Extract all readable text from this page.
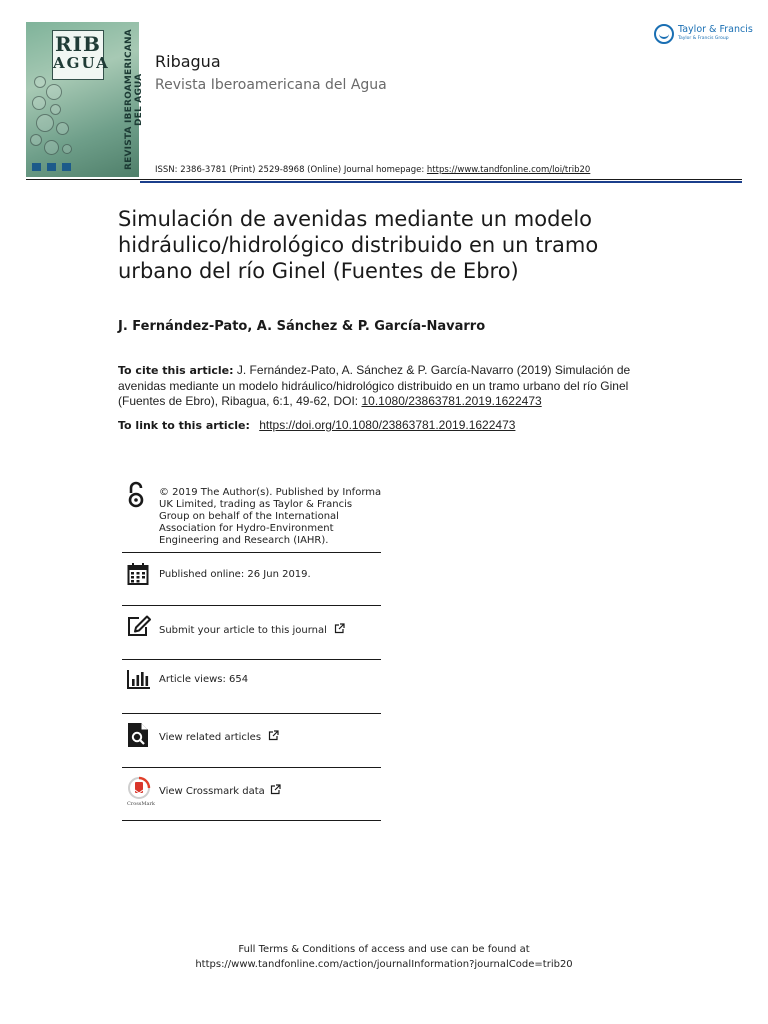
RIB
AGUA REVISTA IBEROAMERICANA DEL AGUA
Ribagua
Revista Iberoamericana del Agua
ISSN: 2386-3781 (Print) 2529-8968 (Online) Journal homepage: https://www.tandfonline.com/loi/trib20
Taylor & Francis
Taylor & Francis Group
Simulación de avenidas mediante un modelo hidráulico/hidrológico distribuido en un tramo urbano del río Ginel (Fuentes de Ebro)
J. Fernández-Pato, A. Sánchez & P. García-Navarro
To cite this article: J. Fernández-Pato, A. Sánchez & P. García-Navarro (2019) Simulación de avenidas mediante un modelo hidráulico/hidrológico distribuido en un tramo urbano del río Ginel (Fuentes de Ebro), Ribagua, 6:1, 49-62, DOI: 10.1080/23863781.2019.1622473
To link to this article: https://doi.org/10.1080/23863781.2019.1622473
© 2019 The Author(s). Published by Informa UK Limited, trading as Taylor & Francis Group on behalf of the International Association for Hydro-Environment Engineering and Research (IAHR).
Published online: 26 Jun 2019.
Submit your article to this journal
Article views: 654
View related articles
CrossMark
View Crossmark data
Full Terms & Conditions of access and use can be found at
https://www.tandfonline.com/action/journalInformation?journalCode=trib20
